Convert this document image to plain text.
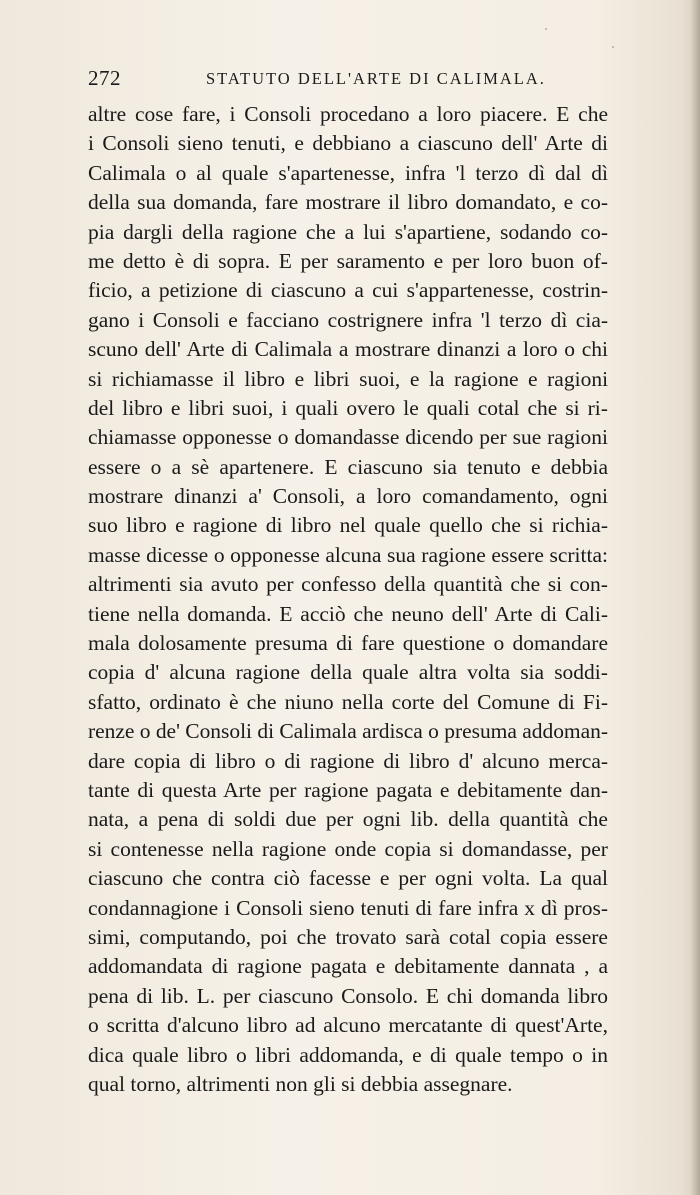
272	STATUTO DELL'ARTE DI CALIMALA.
altre cose fare, i Consoli procedano a loro piacere. E che
i Consoli sieno tenuti, e debbiano a ciascuno dell' Arte di
Calimala o al quale s'apartenesse, infra 'l terzo dì dal dì
della sua domanda, fare mostrare il libro domandato, e co-
pia dargli della ragione che a lui s'apartiene, sodando co-
me detto è di sopra. E per saramento e per loro buon of-
ficio, a petizione di ciascuno a cui s'appartenesse, costrin-
gano i Consoli e facciano costrignere infra 'l terzo dì cia-
scuno dell' Arte di Calimala a mostrare dinanzi a loro o chi
si richiamasse il libro e libri suoi, e la ragione e ragioni
del libro e libri suoi, i quali overo le quali cotal che si ri-
chiamasse opponesse o domandasse dicendo per sue ragioni
essere o a sè apartenere. E ciascuno sia tenuto e debbia
mostrare dinanzi a' Consoli, a loro comandamento, ogni
suo libro e ragione di libro nel quale quello che si richia-
masse dicesse o opponesse alcuna sua ragione essere scritta:
altrimenti sia avuto per confesso della quantità che si con-
tiene nella domanda. E acciò che neuno dell' Arte di Cali-
mala dolosamente presuma di fare questione o domandare
copia d' alcuna ragione della quale altra volta sia soddi-
sfatto, ordinato è che niuno nella corte del Comune di Fi-
renze o de' Consoli di Calimala ardisca o presuma addoman-
dare copia di libro o di ragione di libro d' alcuno merca-
tante di questa Arte per ragione pagata e debitamente dan-
nata, a pena di soldi due per ogni lib. della quantità che
si contenesse nella ragione onde copia si domandasse, per
ciascuno che contra ciò facesse e per ogni volta. La qual
condannagione i Consoli sieno tenuti di fare infra x dì pros-
simi, computando, poi che trovato sarà cotal copia essere
addomandata di ragione pagata e debitamente dannata , a
pena di lib. L. per ciascuno Consolo. E chi domanda libro
o scritta d'alcuno libro ad alcuno mercatante di quest'Arte,
dica quale libro o libri addomanda, e di quale tempo o in
qual torno, altrimenti non gli si debbia assegnare.
